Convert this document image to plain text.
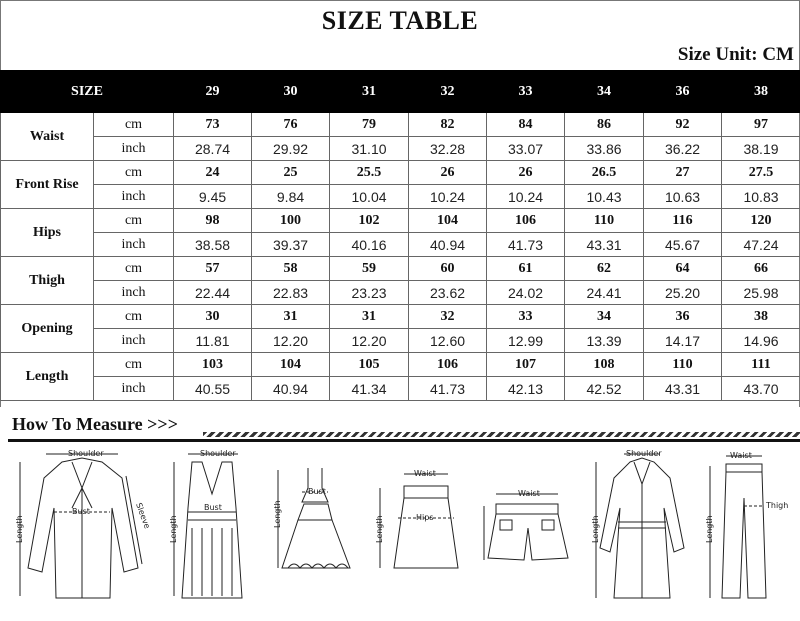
SIZE TABLE
Size Unit: CM
SIZE		29	30	31	32	33	34	36	38
Waist	cm	73	76	79	82	84	86	92	97
	inch	28.74	29.92	31.10	32.28	33.07	33.86	36.22	38.19
Front Rise	cm	24	25	25.5	26	26	26.5	27	27.5
	inch	9.45	9.84	10.04	10.24	10.24	10.43	10.63	10.83
Hips	cm	98	100	102	104	106	110	116	120
	inch	38.58	39.37	40.16	40.94	41.73	43.31	45.67	47.24
Thigh	cm	57	58	59	60	61	62	64	66
	inch	22.44	22.83	23.23	23.62	24.02	24.41	25.20	25.98
Opening	cm	30	31	31	32	33	34	36	38
	inch	11.81	12.20	12.20	12.60	12.99	13.39	14.17	14.96
Length	cm	103	104	105	106	107	108	110	111
	inch	40.55	40.94	41.34	41.73	42.13	42.52	43.31	43.70
How To Measure >>>
Shoulder
Bust
Length	Sleeve
Shoulder
Bust
Length
Bust
Length
Waist
Hips
Length
Waist
Shoulder
Length
Waist
Thigh
Length
